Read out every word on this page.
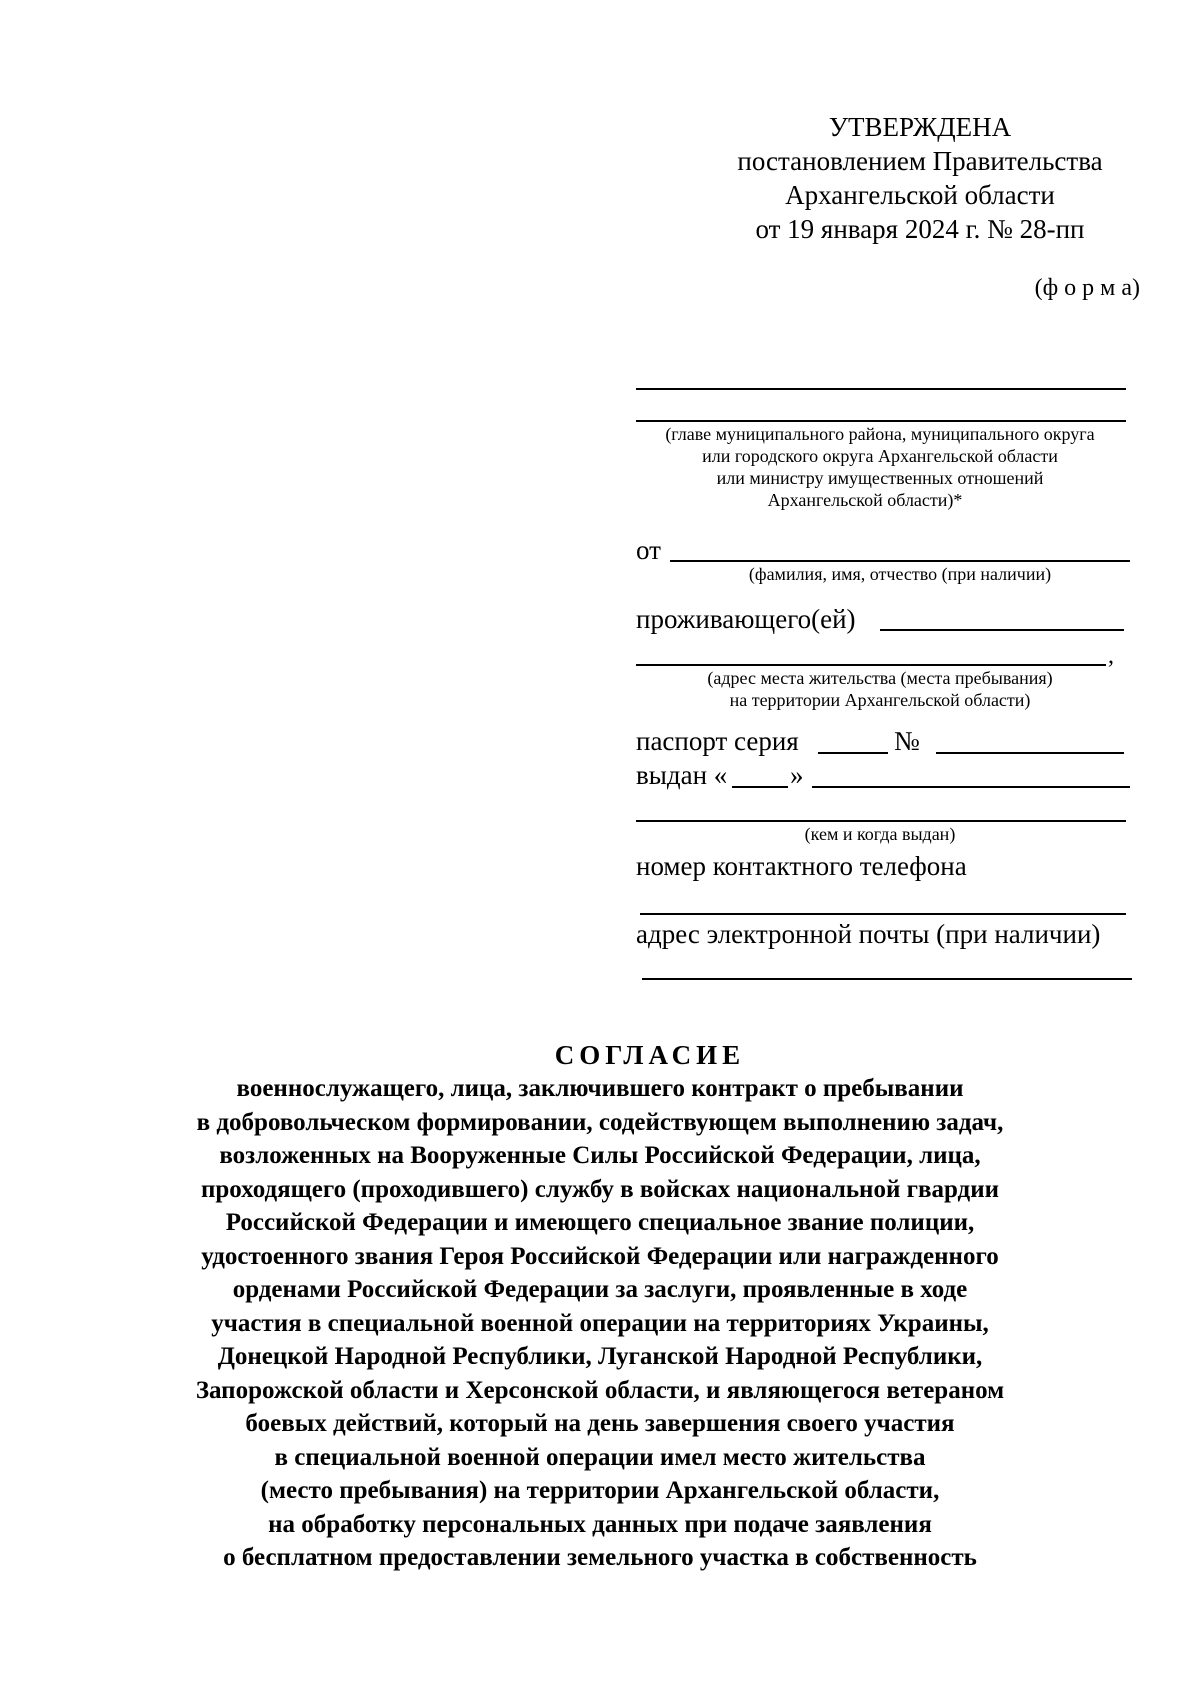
УТВЕРЖДЕНА
постановлением Правительства
Архангельской области
от 19 января 2024 г. № 28-пп
(ф о р м а)
(главе муниципального района, муниципального округа
или городского округа Архангельской области
или министру имущественных отношений
Архангельской области)*
от
(фамилия, имя, отчество (при наличии)
проживающего(ей)
,
(адрес места жительства (места пребывания)
на территории Архангельской области)
паспорт серия	№
выдан « »
(кем и когда выдан)
номер контактного телефона
адрес электронной почты (при наличии)
СОГЛАСИЕ
военнослужащего, лица, заключившего контракт о пребывании
в добровольческом формировании, содействующем выполнению задач,
возложенных на Вооруженные Силы Российской Федерации, лица,
проходящего (проходившего) службу в войсках национальной гвардии
Российской Федерации и имеющего специальное звание полиции,
удостоенного звания Героя Российской Федерации или награжденного
орденами Российской Федерации за заслуги, проявленные в ходе
участия в специальной военной операции на территориях Украины,
Донецкой Народной Республики, Луганской Народной Республики,
Запорожской области и Херсонской области, и являющегося ветераном
боевых действий, который на день завершения своего участия
в специальной военной операции имел место жительства
(место пребывания) на территории Архангельской области,
на обработку персональных данных при подаче заявления
о бесплатном предоставлении земельного участка в собственность
